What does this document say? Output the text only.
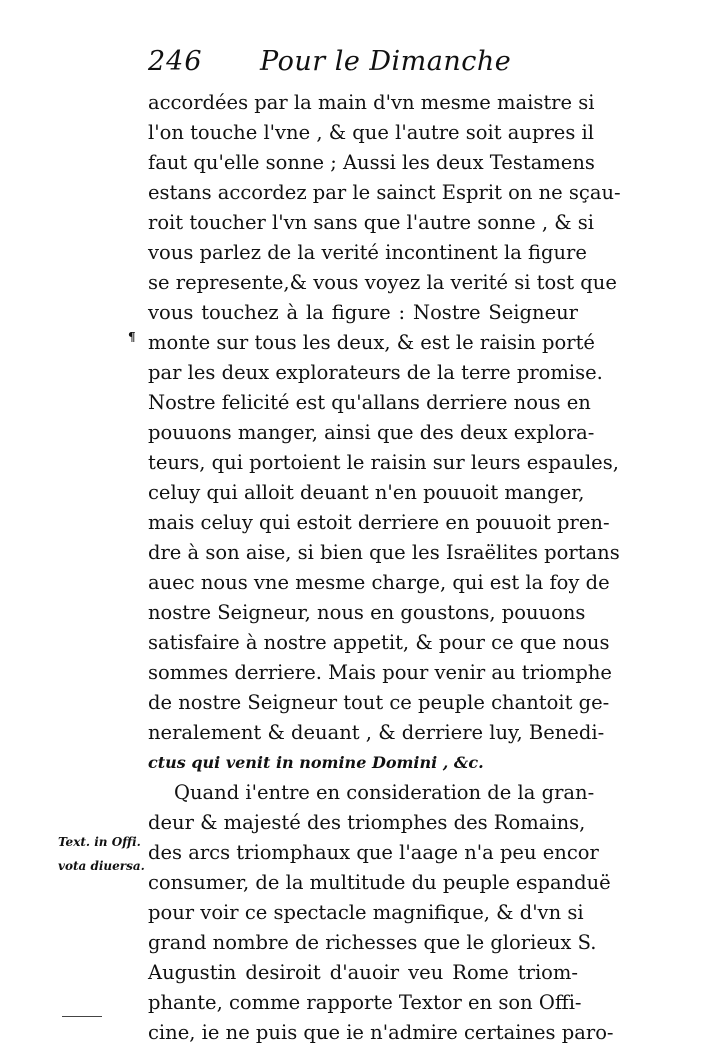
246 Pour le Dimanche
accordées par la main d'vn mesme maistre si
l'on touche l'vne , & que l'autre soit aupres il
faut qu'elle sonne ; Aussi les deux Testamens
estans accordez par le sainct Esprit on ne sçau-
roit toucher l'vn sans que l'autre sonne , & si
vous parlez de la verité incontinent la figure
se represente,& vous voyez la verité si tost que
vous touchez à la figure : Nostre Seigneur
monte sur tous les deux, & est le raisin porté
par les deux explorateurs de la terre promise.
Nostre felicité est qu'allans derriere nous en
pouuons manger, ainsi que des deux explora-
teurs, qui portoient le raisin sur leurs espaules,
celuy qui alloit deuant n'en pouuoit manger,
mais celuy qui estoit derriere en pouuoit pren-
dre à son aise, si bien que les Israëlites portans
auec nous vne mesme charge, qui est la foy de
nostre Seigneur, nous en goustons, pouuons
satisfaire à nostre appetit, & pour ce que nous
sommes derriere. Mais pour venir au triomphe
de nostre Seigneur tout ce peuple chantoit ge-
neralement & deuant , & derriere luy, Benedi-
ctus qui venit in nomine Domini , &c.
Quand i'entre en consideration de la gran-
deur & majesté des triomphes des Romains,
des arcs triomphaux que l'aage n'a peu encor
consumer, de la multitude du peuple espanduë
pour voir ce spectacle magnifique, & d'vn si
grand nombre de richesses que le glorieux S.
Augustin desiroit d'auoir veu Rome triom-
phante, comme rapporte Textor en son Offi-
cine, ie ne puis que ie n'admire certaines paro-
¶
Text. in Offi.
vota diuersa.
